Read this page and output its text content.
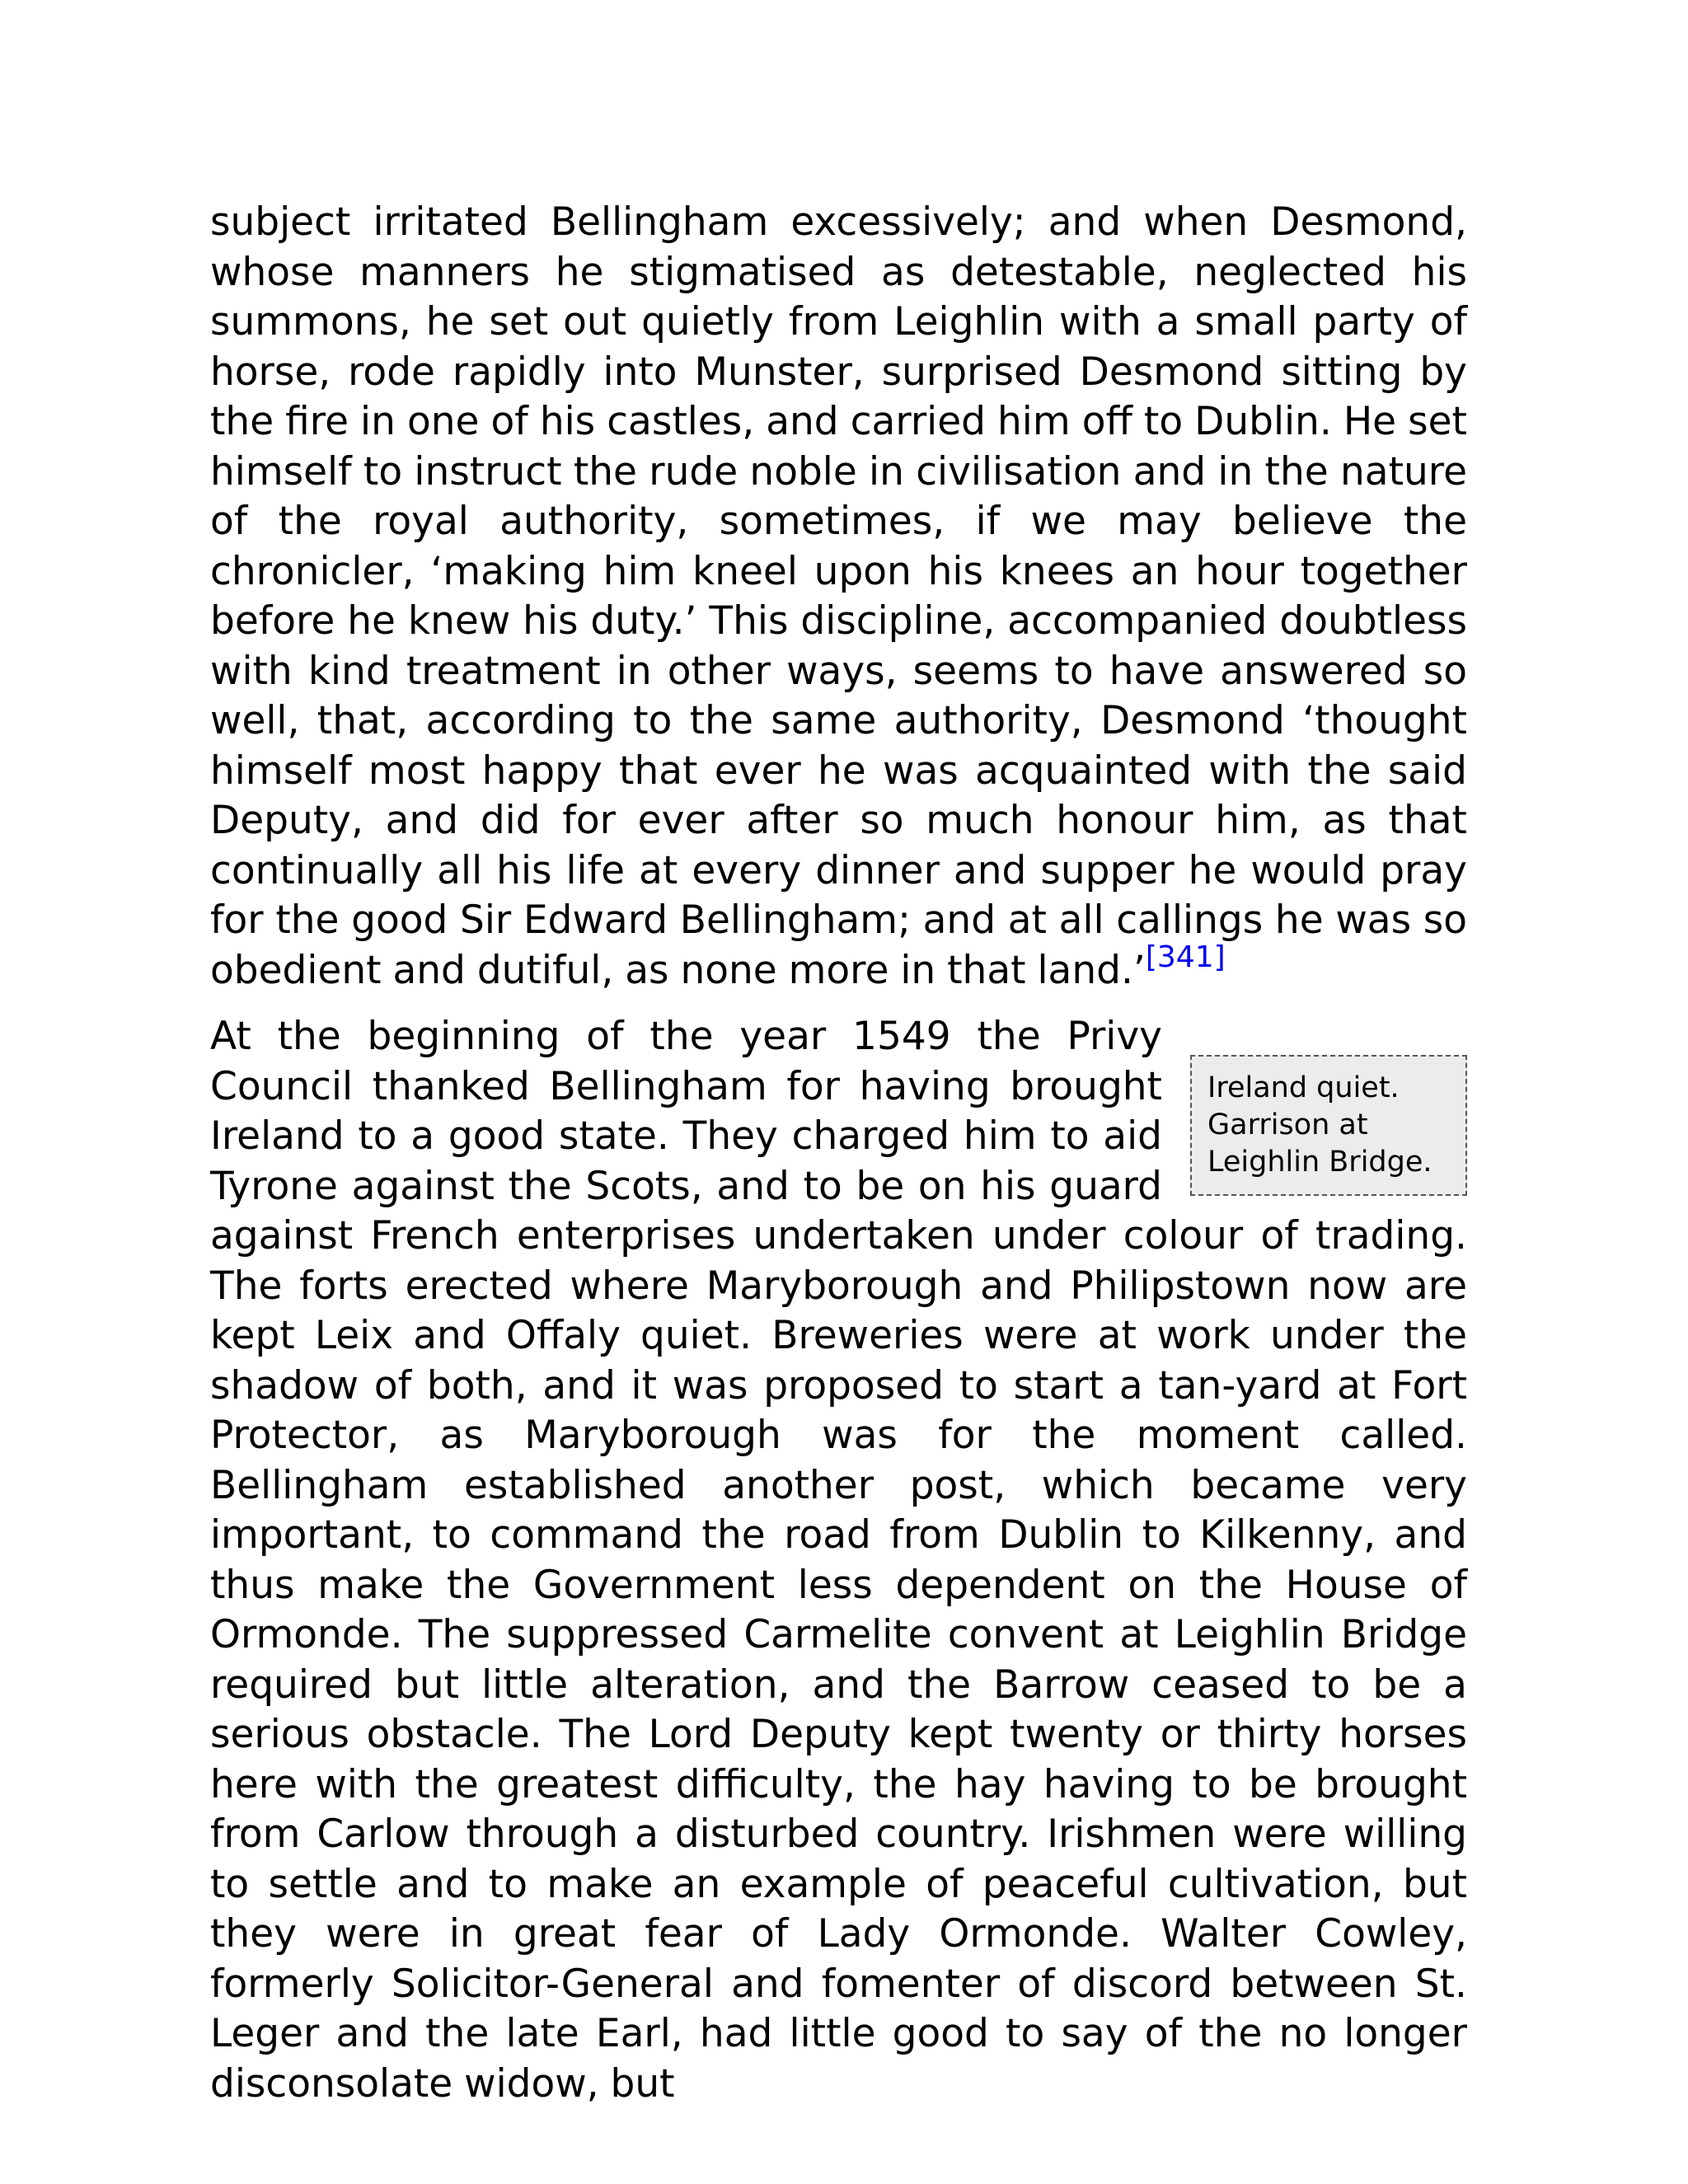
subject irritated Bellingham excessively; and when Desmond, whose manners he stigmatised as detestable, neglected his summons, he set out quietly from Leighlin with a small party of horse, rode rapidly into Munster, surprised Desmond sitting by the fire in one of his castles, and carried him off to Dublin. He set himself to instruct the rude noble in civilisation and in the nature of the royal authority, sometimes, if we may believe the chronicler, ‘making him kneel upon his knees an hour together before he knew his duty.’ This discipline, accompanied doubtless with kind treatment in other ways, seems to have answered so well, that, according to the same authority, Desmond ‘thought himself most happy that ever he was acquainted with the said Deputy, and did for ever after so much honour him, as that continually all his life at every dinner and supper he would pray for the good Sir Edward Bellingham; and at all callings he was so obedient and dutiful, as none more in that land.’[341]

Ireland quiet.
Garrison at
Leighlin Bridge.
At the beginning of the year 1549 the Privy Council thanked Bellingham for having brought Ireland to a good state. They charged him to aid Tyrone against the Scots, and to be on his guard against French enterprises undertaken under colour of trading. The forts erected where Maryborough and Philipstown now are kept Leix and Offaly quiet. Breweries were at work under the shadow of both, and it was proposed to start a tan-yard at Fort Protector, as Maryborough was for the moment called. Bellingham established another post, which became very important, to command the road from Dublin to Kilkenny, and thus make the Government less dependent on the House of Ormonde. The suppressed Carmelite convent at Leighlin Bridge required but little alteration, and the Barrow ceased to be a serious obstacle. The Lord Deputy kept twenty or thirty horses here with the greatest difficulty, the hay having to be brought from Carlow through a disturbed country. Irishmen were willing to settle and to make an example of peaceful cultivation, but they were in great fear of Lady Ormonde. Walter Cowley, formerly Solicitor-General and fomenter of discord between St. Leger and the late Earl, had little good to say of the no longer disconsolate widow, but
